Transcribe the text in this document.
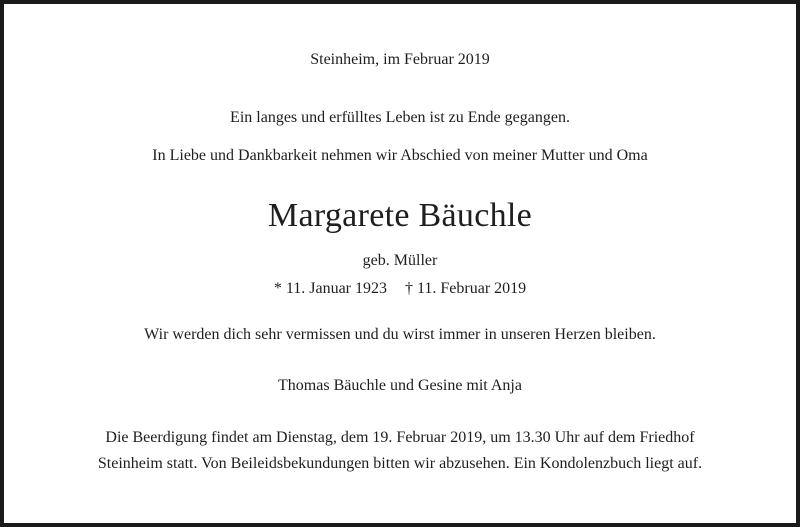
Steinheim, im Februar 2019
Ein langes und erfülltes Leben ist zu Ende gegangen.
In Liebe und Dankbarkeit nehmen wir Abschied von meiner Mutter und Oma
Margarete Bäuchle
geb. Müller
* 11. Januar 1923 † 11. Februar 2019
Wir werden dich sehr vermissen und du wirst immer in unseren Herzen bleiben.
Thomas Bäuchle und Gesine mit Anja
Die Beerdigung findet am Dienstag, dem 19. Februar 2019, um 13.30 Uhr auf dem Friedhof
Steinheim statt. Von Beileidsbekundungen bitten wir abzusehen. Ein Kondolenzbuch liegt auf.
